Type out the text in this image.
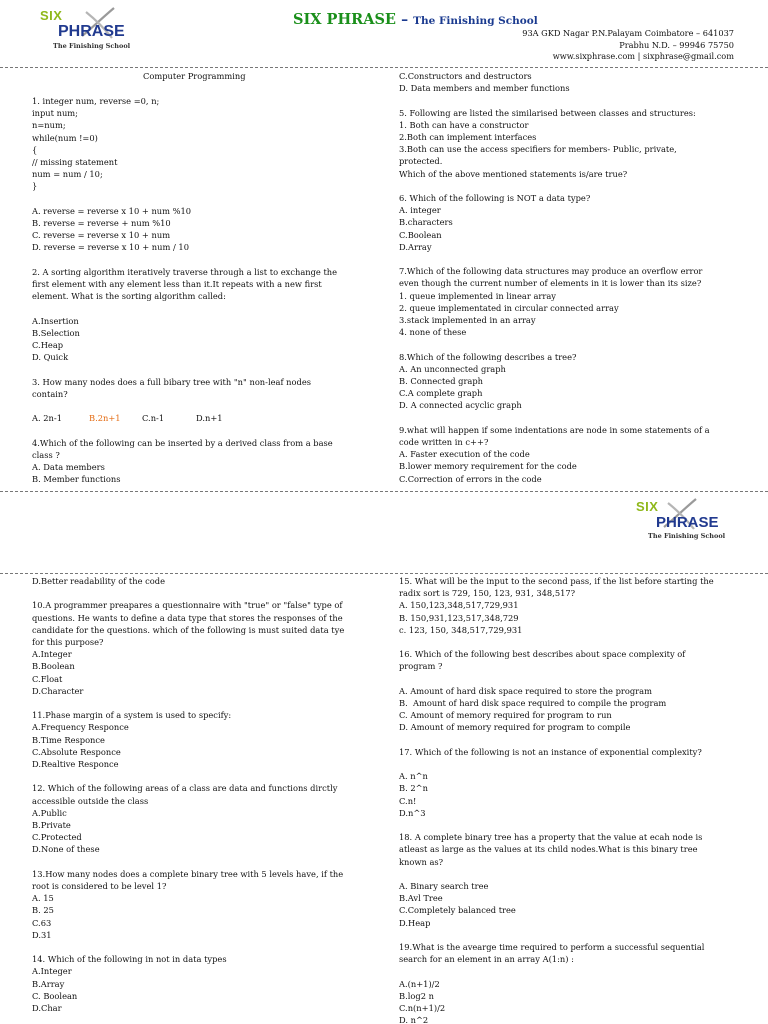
SIX
PHRASE
The Finishing School
SIX PHRASE – The Finishing School
93A GKD Nagar P.N.Palayam Coimbatore – 641037
Prabhu N.D. – 99946 75750
www.sixphrase.com | sixphrase@gmail.com
Computer Programming
1. integer num, reverse =0, n;
input num;
n=num;
while(num !=0)
{
// missing statement
num = num / 10;
}
A. reverse = reverse x 10 + num %10
B. reverse = reverse + num %10
C. reverse = reverse x 10 + num
D. reverse = reverse x 10 + num / 10
2. A sorting algorithm iteratively traverse through a list to exchange the
first element with any element less than it.It repeats with a new first
element. What is the sorting algorithm called:
A.Insertion
B.Selection
C.Heap
D. Quick
3. How many nodes does a full bibary tree with "n" non-leaf nodes
contain?
A. 2n-1	B.2n+1	C.n-1	D.n+1
4.Which of the following can be inserted by a derived class from a base
class ?
A. Data members
B. Member functions
C.Constructors and destructors
D. Data members and member functions
5. Following are listed the similarised between classes and structures:
1. Both can have a constructor
2.Both can implement interfaces
3.Both can use the access specifiers for members- Public, private,
protected.
Which of the above mentioned statements is/are true?
6. Which of the following is NOT a data type?
A. integer
B.characters
C.Boolean
D.Array
7.Which of the following data structures may produce an overflow error
even though the current number of elements in it is lower than its size?
1. queue implemented in linear array
2. queue implementated in circular connected array
3.stack implemented in an array
4. none of these
8.Which of the following describes a tree?
A. An unconnected graph
B. Connected graph
C.A complete graph
D. A connected acyclic graph
9.what will happen if some indentations are node in some statements of a
code written in c++?
A. Faster execution of the code
B.lower memory requirement for the code
C.Correction of errors in the code
SIX
PHRASE
The Finishing School
D.Better readability of the code
10.A programmer preapares a questionnaire with "true" or "false" type of
questions. He wants to define a data type that stores the responses of the
candidate for the questions. which of the following is must suited data tye
for this purpose?
A.Integer
B.Boolean
C.Float
D.Character
11.Phase margin of a system is used to specify:
A.Frequency Responce
B.Time Responce
C.Absolute Responce
D.Realtive Responce
12. Which of the following areas of a class are data and functions dirctly
accessible outside the class
A.Public
B.Private
C.Protected
D.None of these
13.How many nodes does a complete binary tree with 5 levels have, if the
root is considered to be level 1?
A. 15
B. 25
C.63
D.31
14. Which of the following in not in data types
A.Integer
B.Array
C. Boolean
D.Char
15. What will be the input to the second pass, if the list before starting the
radix sort is 729, 150, 123, 931, 348,517?
A. 150,123,348,517,729,931
B. 150,931,123,517,348,729
c. 123, 150, 348,517,729,931
16. Which of the following best describes about space complexity of
program ?
A. Amount of hard disk space required to store the program
B.  Amount of hard disk space required to compile the program
C. Amount of memory required for program to run
D. Amount of memory required for program to compile
17. Which of the following is not an instance of exponential complexity?
A. n^n
B. 2^n
C.n!
D.n^3
18. A complete binary tree has a property that the value at ecah node is
atleast as large as the values at its child nodes.What is this binary tree
known as?
A. Binary search tree
B.Avl Tree
C.Completely balanced tree
D.Heap
19.What is the avearge time required to perform a successful sequential
search for an element in an array A(1:n) :
A.(n+1)/2
B.log2 n
C.n(n+1)/2
D. n^2
